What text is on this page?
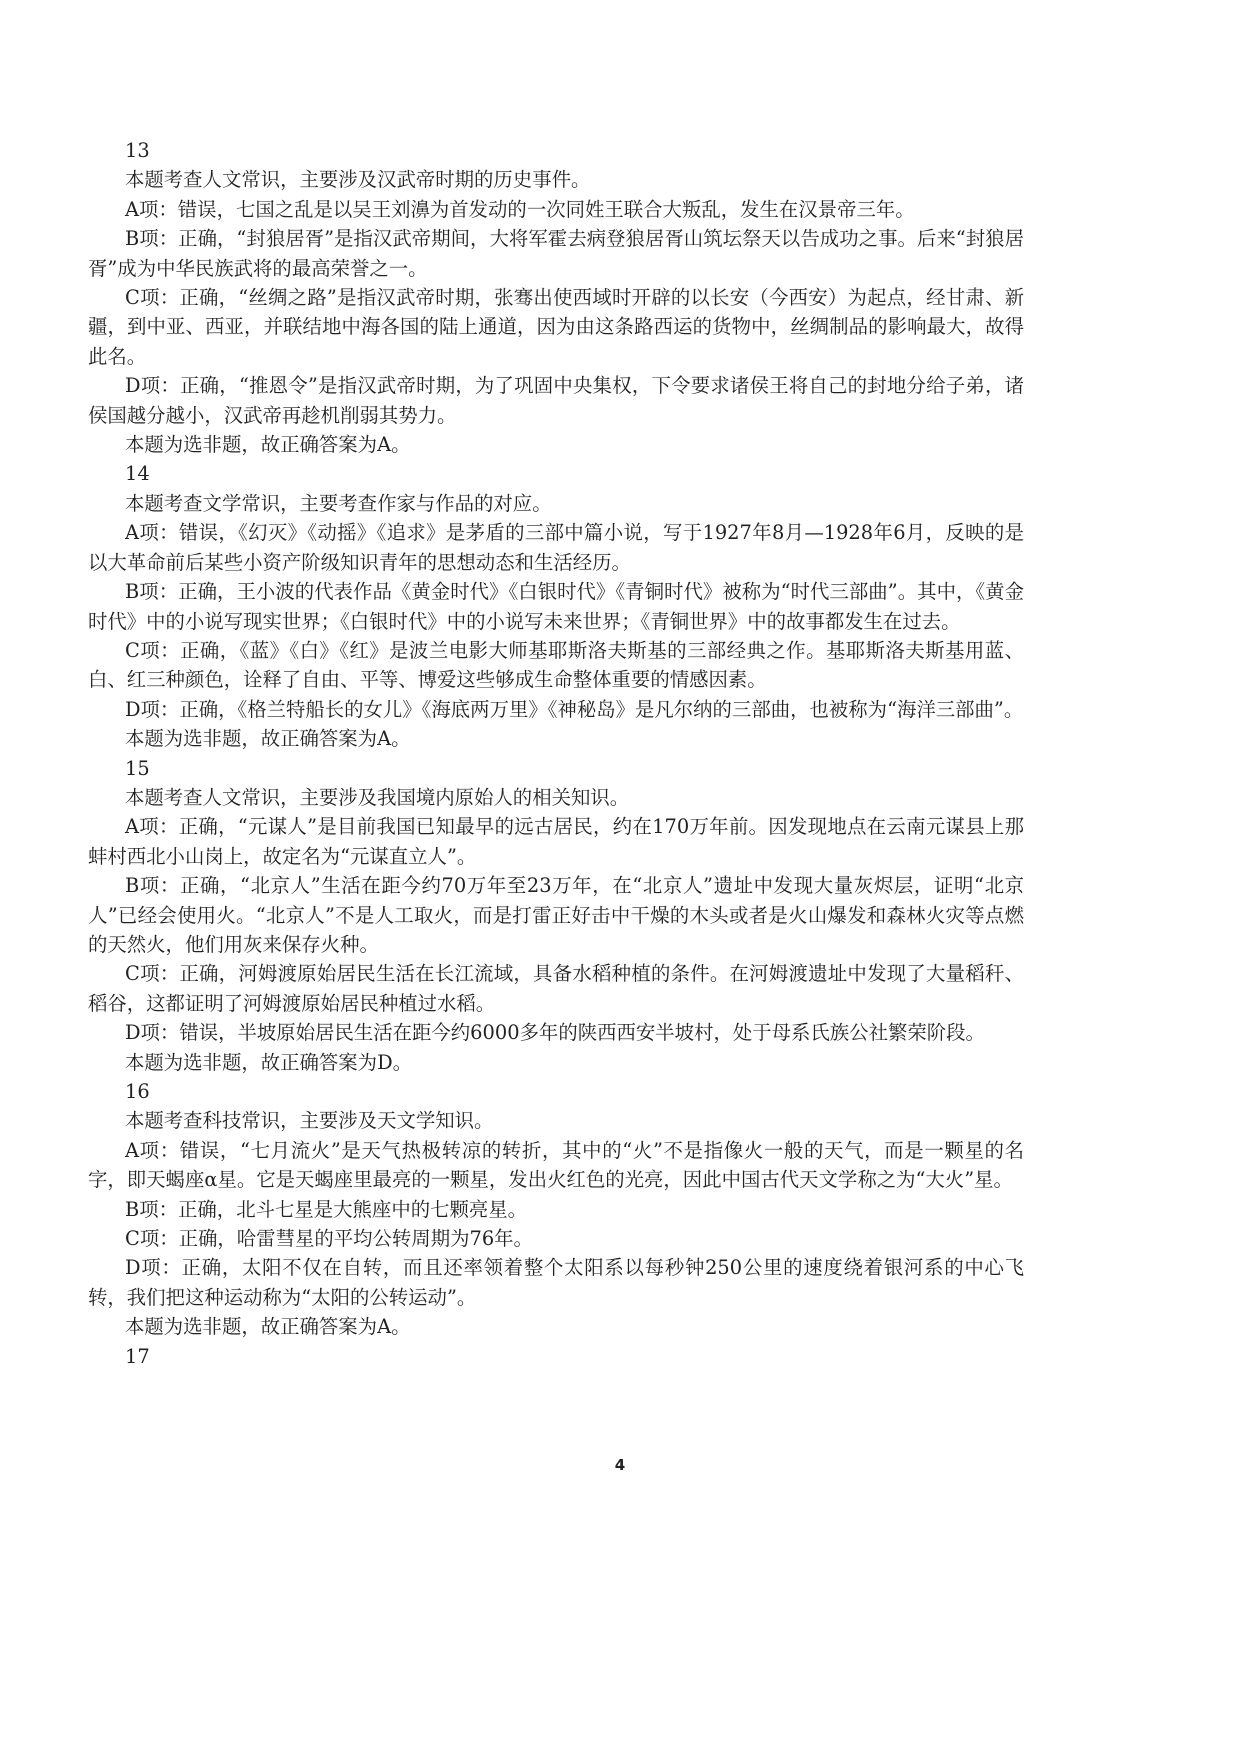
13

本题考查人文常识，主要涉及汉武帝时期的历史事件。

A项：错误，七国之乱是以吴王刘濞为首发动的一次同姓王联合大叛乱，发生在汉景帝三年。

B项：正确，“封狼居胥”是指汉武帝期间，大将军霍去病登狼居胥山筑坛祭天以告成功之事。后来“封狼居胥”成为中华民族武将的最高荣誉之一。

C项：正确，“丝绸之路”是指汉武帝时期，张骞出使西域时开辟的以长安（今西安）为起点，经甘肃、新疆，到中亚、西亚，并联结地中海各国的陆上通道，因为由这条路西运的货物中，丝绸制品的影响最大，故得此名。

D项：正确，“推恩令”是指汉武帝时期，为了巩固中央集权，下令要求诸侯王将自己的封地分给子弟，诸侯国越分越小，汉武帝再趁机削弱其势力。

本题为选非题，故正确答案为A。

14

本题考查文学常识，主要考查作家与作品的对应。

A项：错误，《幻灭》《动摇》《追求》是茅盾的三部中篇小说，写于1927年8月—1928年6月，反映的是以大革命前后某些小资产阶级知识青年的思想动态和生活经历。

B项：正确，王小波的代表作品《黄金时代》《白银时代》《青铜时代》被称为“时代三部曲”。其中，《黄金时代》中的小说写现实世界；《白银时代》中的小说写未来世界；《青铜世界》中的故事都发生在过去。

C项：正确，《蓝》《白》《红》是波兰电影大师基耶斯洛夫斯基的三部经典之作。基耶斯洛夫斯基用蓝、白、红三种颜色，诠释了自由、平等、博爱这些够成生命整体重要的情感因素。

D项：正确，《格兰特船长的女儿》《海底两万里》《神秘岛》是凡尔纳的三部曲，也被称为“海洋三部曲”。

本题为选非题，故正确答案为A。

15

本题考查人文常识，主要涉及我国境内原始人的相关知识。

A项：正确，“元谋人”是目前我国已知最早的远古居民，约在170万年前。因发现地点在云南元谋县上那蚌村西北小山岗上，故定名为“元谋直立人”。

B项：正确，“北京人”生活在距今约70万年至23万年，在“北京人”遗址中发现大量灰烬层，证明“北京人”已经会使用火。“北京人”不是人工取火，而是打雷正好击中干燥的木头或者是火山爆发和森林火灾等点燃的天然火，他们用灰来保存火种。

C项：正确，河姆渡原始居民生活在长江流域，具备水稻种植的条件。在河姆渡遗址中发现了大量稻秆、稻谷，这都证明了河姆渡原始居民种植过水稻。

D项：错误，半坡原始居民生活在距今约6000多年的陕西西安半坡村，处于母系氏族公社繁荣阶段。

本题为选非题，故正确答案为D。

16

本题考查科技常识，主要涉及天文学知识。

A项：错误，“七月流火”是天气热极转凉的转折，其中的“火”不是指像火一般的天气，而是一颗星的名字，即天蝎座α星。它是天蝎座里最亮的一颗星，发出火红色的光亮，因此中国古代天文学称之为“大火”星。

B项：正确，北斗七星是大熊座中的七颗亮星。

C项：正确，哈雷彗星的平均公转周期为76年。

D项：正确，太阳不仅在自转，而且还率领着整个太阳系以每秒钟250公里的速度绕着银河系的中心飞转，我们把这种运动称为“太阳的公转运动”。

本题为选非题，故正确答案为A。

17

4
